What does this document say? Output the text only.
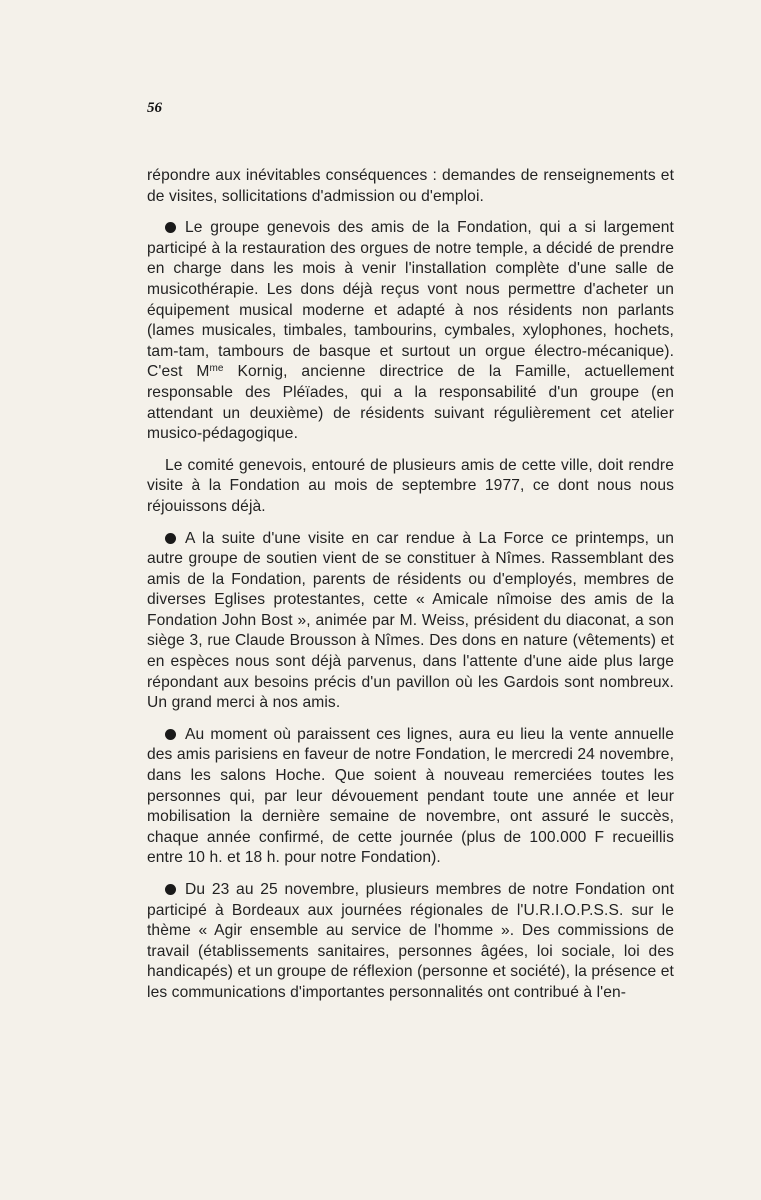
56

répondre aux inévitables conséquences : demandes de renseignements et de visites, sollicitations d'admission ou d'emploi.

Le groupe genevois des amis de la Fondation, qui a si largement participé à la restauration des orgues de notre temple, a décidé de prendre en charge dans les mois à venir l'installation complète d'une salle de musicothérapie. Les dons déjà reçus vont nous permettre d'acheter un équipement musical moderne et adapté à nos résidents non parlants (lames musicales, timbales, tambourins, cymbales, xylophones, hochets, tam-tam, tambours de basque et surtout un orgue électro-mécanique). C'est $M^{me}$ Kornig, ancienne directrice de la Famille, actuellement responsable des Pléïades, qui a la responsabilité d'un groupe (en attendant un deuxième) de résidents suivant régulièrement cet atelier musico-pédagogique.

Le comité genevois, entouré de plusieurs amis de cette ville, doit rendre visite à la Fondation au mois de septembre 1977, ce dont nous nous réjouissons déjà.

A la suite d'une visite en car rendue à La Force ce printemps, un autre groupe de soutien vient de se constituer à Nîmes. Rassemblant des amis de la Fondation, parents de résidents ou d'employés, membres de diverses Eglises protestantes, cette « Amicale nîmoise des amis de la Fondation John Bost », animée par M. Weiss, président du diaconat, a son siège 3, rue Claude Brousson à Nîmes. Des dons en nature (vêtements) et en espèces nous sont déjà parvenus, dans l'attente d'une aide plus large répondant aux besoins précis d'un pavillon où les Gardois sont nombreux. Un grand merci à nos amis.

Au moment où paraissent ces lignes, aura eu lieu la vente annuelle des amis parisiens en faveur de notre Fondation, le mercredi 24 novembre, dans les salons Hoche. Que soient à nouveau remerciées toutes les personnes qui, par leur dévouement pendant toute une année et leur mobilisation la dernière semaine de novembre, ont assuré le succès, chaque année confirmé, de cette journée (plus de 100.000 F recueillis entre 10 h. et 18 h. pour notre Fondation).

Du 23 au 25 novembre, plusieurs membres de notre Fondation ont participé à Bordeaux aux journées régionales de l'U.R.I.O.P.S.S. sur le thème « Agir ensemble au service de l'homme ». Des commissions de travail (établissements sanitaires, personnes âgées, loi sociale, loi des handicapés) et un groupe de réflexion (personne et société), la présence et les communications d'importantes personnalités ont contribué à l'en-
